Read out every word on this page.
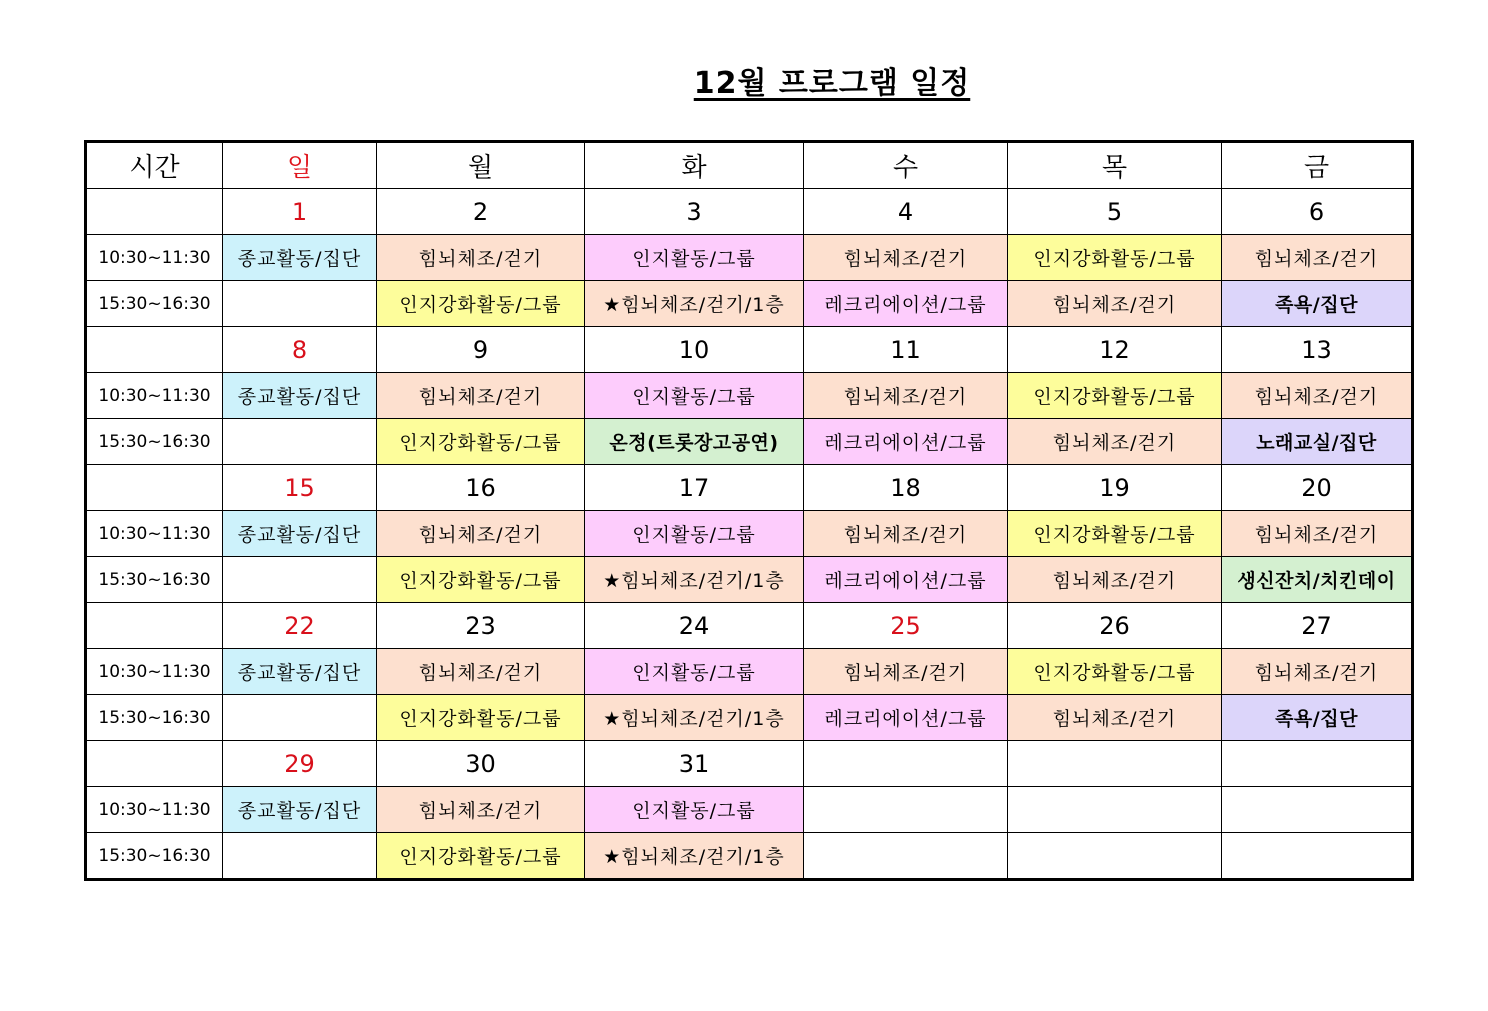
12월 프로그램 일정
시간	일	월	화	수	목	금
	1	2	3	4	5	6
10:30~11:30	종교활동/집단	힘뇌체조/걷기	인지활동/그룹	힘뇌체조/걷기	인지강화활동/그룹	힘뇌체조/걷기
15:30~16:30		인지강화활동/그룹	★힘뇌체조/걷기/1층	레크리에이션/그룹	힘뇌체조/걷기	족욕/집단
	8	9	10	11	12	13
10:30~11:30	종교활동/집단	힘뇌체조/걷기	인지활동/그룹	힘뇌체조/걷기	인지강화활동/그룹	힘뇌체조/걷기
15:30~16:30		인지강화활동/그룹	온정(트롯장고공연)	레크리에이션/그룹	힘뇌체조/걷기	노래교실/집단
	15	16	17	18	19	20
10:30~11:30	종교활동/집단	힘뇌체조/걷기	인지활동/그룹	힘뇌체조/걷기	인지강화활동/그룹	힘뇌체조/걷기
15:30~16:30		인지강화활동/그룹	★힘뇌체조/걷기/1층	레크리에이션/그룹	힘뇌체조/걷기	생신잔치/치킨데이
	22	23	24	25	26	27
10:30~11:30	종교활동/집단	힘뇌체조/걷기	인지활동/그룹	힘뇌체조/걷기	인지강화활동/그룹	힘뇌체조/걷기
15:30~16:30		인지강화활동/그룹	★힘뇌체조/걷기/1층	레크리에이션/그룹	힘뇌체조/걷기	족욕/집단
	29	30	31			
10:30~11:30	종교활동/집단	힘뇌체조/걷기	인지활동/그룹			
15:30~16:30		인지강화활동/그룹	★힘뇌체조/걷기/1층			
